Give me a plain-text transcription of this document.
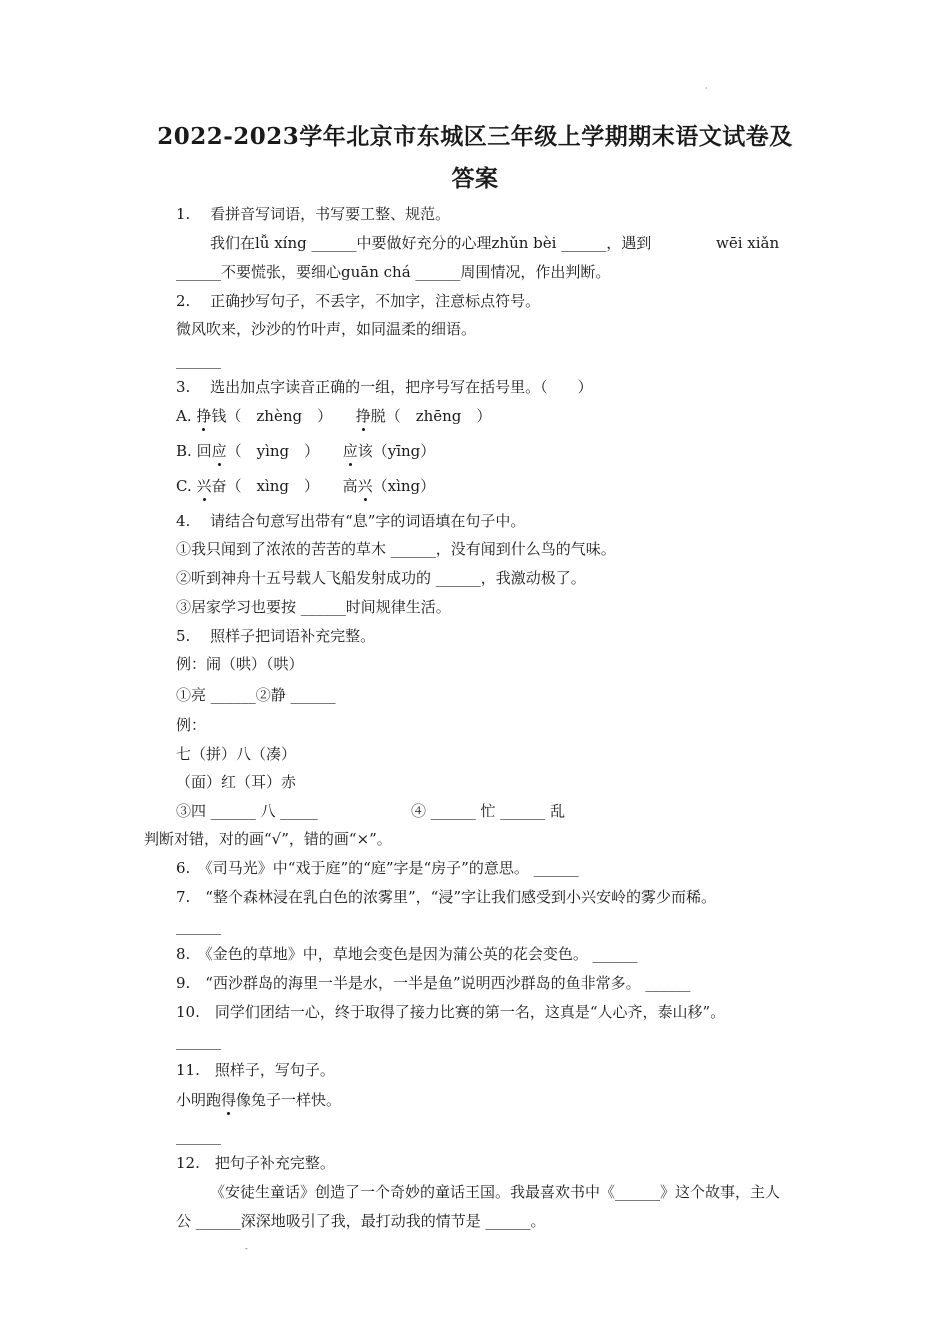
·
2022-2023学年北京市东城区三年级上学期期末语文试卷及
答案
1.　 看拼音写词语，书写要工整、规范。
我们在lǚ xíng ______中要做好充分的心理zhǔn bèi ______，遇到	wēi xiǎn
______不要慌张，要细心guān chá ______周围情况，作出判断。
2.　 正确抄写句子，不丢字，不加字，注意标点符号。
微风吹来，沙沙的竹叶声，如同温柔的细语。
______
3.　 选出加点字读音正确的一组，把序号写在括号里。（　　）
A. 挣钱（　zhèng　） 挣脱（　zhēng　）
B. 回应（　yìng　） 应该（yīng）
C. 兴奋（　xìng　） 高兴（xìng）
4.　 请结合句意写出带有“息”字的词语填在句子中。
①我只闻到了浓浓的苦苦的草木 ______，没有闻到什么鸟的气味。
②听到神舟十五号载人飞船发射成功的 ______，我激动极了。
③居家学习也要按 ______时间规律生活。
5.　 照样子把词语补充完整。
例：闹（哄）（哄）
①亮 ______②静 ______
例：
七（拼）八（凑）
（面）红（耳）赤
③四 ______ 八 _____	④ ______ 忙 ______ 乱
判断对错，对的画“√”，错的画“×”。
6.　《司马光》中“戏于庭”的“庭”字是“房子”的意思。 ______
7.　“整个森林浸在乳白色的浓雾里”，“浸”字让我们感受到小兴安岭的雾少而稀。
______
8.　《金色的草地》中，草地会变色是因为蒲公英的花会变色。 ______
9.　“西沙群岛的海里一半是水，一半是鱼”说明西沙群岛的鱼非常多。 ______
10.　同学们团结一心，终于取得了接力比赛的第一名，这真是“人心齐，泰山移”。
______
11.　照样子，写句子。
小明跑得像兔子一样快。
______
12.　把句子补充完整。
《安徒生童话》创造了一个奇妙的童话王国。我最喜欢书中《______》这个故事，主人
公 ______深深地吸引了我，最打动我的情节是 ______。
-
